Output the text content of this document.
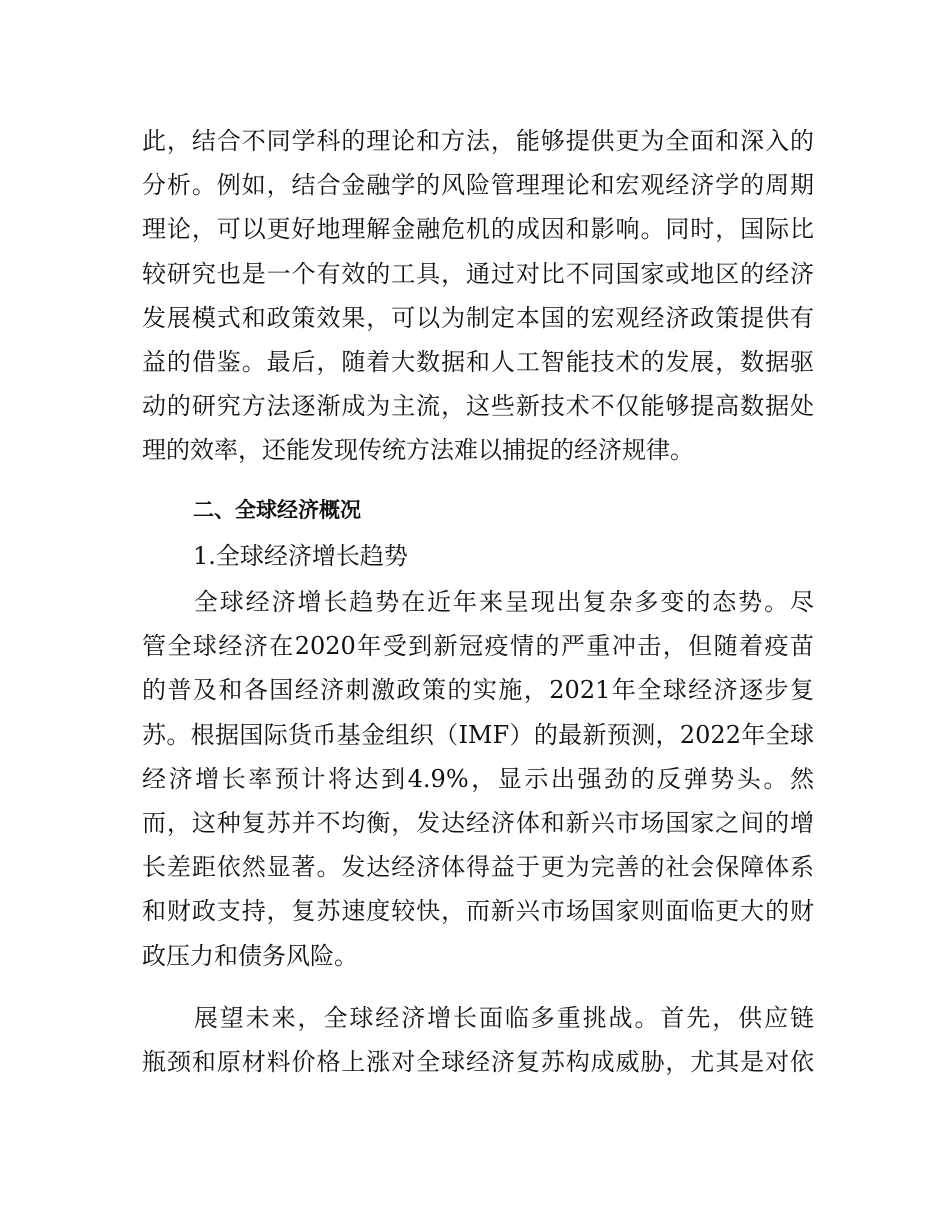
此，结合不同学科的理论和方法，能够提供更为全面和深入的
分析。例如，结合金融学的风险管理理论和宏观经济学的周期
理论，可以更好地理解金融危机的成因和影响。同时，国际比
较研究也是一个有效的工具，通过对比不同国家或地区的经济
发展模式和政策效果，可以为制定本国的宏观经济政策提供有
益的借鉴。最后，随着大数据和人工智能技术的发展，数据驱
动的研究方法逐渐成为主流，这些新技术不仅能够提高数据处
理的效率，还能发现传统方法难以捕捉的经济规律。
二、全球经济概况
1.全球经济增长趋势
　　全球经济增长趋势在近年来呈现出复杂多变的态势。尽
管全球经济在2020年受到新冠疫情的严重冲击，但随着疫苗
的普及和各国经济刺激政策的实施，2021年全球经济逐步复
苏。根据国际货币基金组织（IMF）的最新预测，2022年全球
经济增长率预计将达到4.9%，显示出强劲的反弹势头。然
而，这种复苏并不均衡，发达经济体和新兴市场国家之间的增
长差距依然显著。发达经济体得益于更为完善的社会保障体系
和财政支持，复苏速度较快，而新兴市场国家则面临更大的财
政压力和债务风险。
　　展望未来，全球经济增长面临多重挑战。首先，供应链
瓶颈和原材料价格上涨对全球经济复苏构成威胁，尤其是对依
